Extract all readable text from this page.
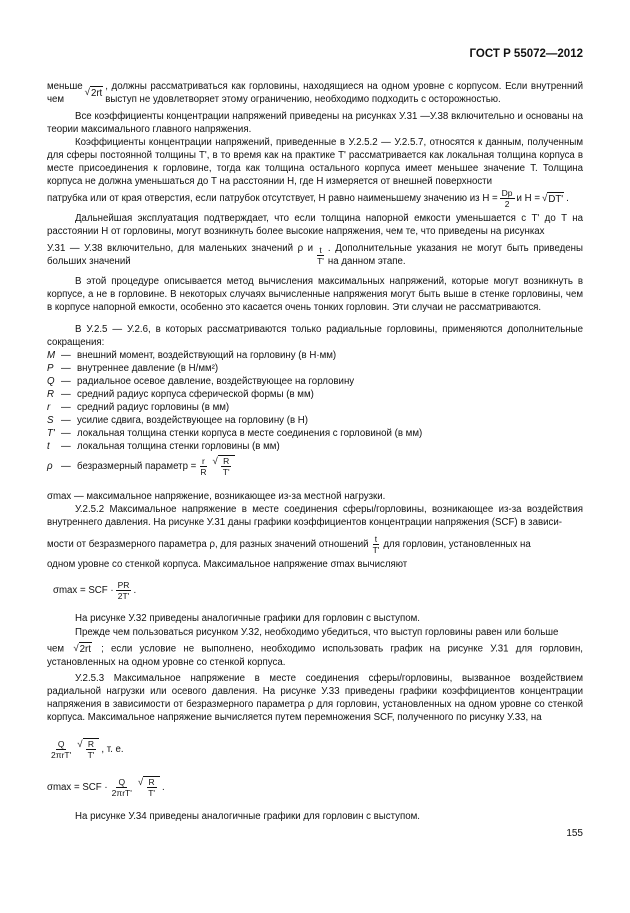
ГОСТ Р 55072—2012

меньше чем
√ 2rt
, должны рассматриваться как горловины, находящиеся на одном уровне с корпусом. Если внутренний выступ не удовлетворяет этому ограничению, необходимо подходить с осторожностью.

Все коэффициенты концентрации напряжений приведены на рисунках У.31 —У.38 включительно и основаны на теории максимального главного напряжения.

Коэффициенты концентрации напряжений, приведенные в У.2.5.2 — У.2.5.7, относятся к данным, полученным для сферы постоянной толщины T', в то время как на практике T' рассматривается как локальная толщина корпуса в месте присоединения к горловине, тогда как толщина остального корпуса имеет меньшее значение T. Толщина корпуса не должна уменьшаться до T на расстоянии H, где H измеряется от внешней поверхности

патрубка или от края отверстия, если патрубок отсутствует, H равно наименьшему значению из $H = \frac{Dp}{2}$ и H = √ DT' .

Дальнейшая эксплуатация подтверждает, что если толщина напорной емкости уменьшается с T' до T на расстоянии H от горловины, могут возникнуть более высокие напряжения, чем те, что приведены на рисунках

У.31 — У.38 включительно, для маленьких значений ρ и больших значений	$\frac{t}{T'}$ . Дополнительные указания не могут быть приведены на данном этапе.

В этой процедуре описывается метод вычисления максимальных напряжений, которые могут возникнуть в корпусе, а не в горловине. В некоторых случаях вычисленные напряжения могут быть выше в стенке горловины, чем в корпусе напорной емкости, особенно это касается очень тонких горловин. Эти случаи не рассматриваются.

В У.2.5 — У.2.6, в которых рассматриваются только радиальные горловины, применяются дополнительные сокращения:

M — внешний момент, воздействующий на горловину (в Н·мм)
P — внутреннее давление (в Н/мм²)
Q — радиальное осевое давление, воздействующее на горловину
R — средний радиус корпуса сферической формы (в мм)
r	— средний радиус горловины (в мм)
S — усилие сдвига, воздействующее на горловину (в Н)
T' — локальная толщина стенки корпуса в месте соединения с горловиной (в мм)
t	— локальная толщина стенки горловины (в мм)

ρ — безразмерный параметр = $\frac{r}{R}$ √ $\frac{R}{T'}$

σmax — максимальное напряжение, возникающее из-за местной нагрузки.

У.2.5.2 Максимальное напряжение в месте соединения сферы/горловины, возникающее из-за воздействия внутреннего давления. На рисунке У.31 даны графики коэффициентов концентрации напряжения (SCF) в зависи-

мости от безразмерного параметра ρ, для разных значений отношений $\frac{t}{T'}$ для горловин, установленных на

одном уровне со стенкой корпуса. Максимальное напряжение σmax вычисляют

σmax = SCF · $\frac{PR}{2T'}$ .

На рисунке У.32 приведены аналогичные графики для горловин с выступом.

Прежде чем пользоваться рисунком У.32, необходимо убедиться, что выступ горловины равен или больше

чем √ 2rt ; если условие не выполнено, необходимо использовать график на рисунке У.31 для горловин, установленных на одном уровне со стенкой корпуса.

У.2.5.3 Максимальное напряжение в месте соединения сферы/горловины, вызванное воздействием радиальной нагрузки или осевого давления. На рисунке У.33 приведены графики коэффициентов концентрации напряжения в зависимости от безразмерного параметра ρ для горловин, установленных на одном уровне со стенкой корпуса. Максимальное напряжение вычисляется путем перемножения SCF, полученного по рисунку У.33, на

Q
2πrT'
√ $\frac{R}{T'}$ , т. е.

σmax = SCF · Q
2πrT'
√ $\frac{R}{T'}$ .

На рисунке У.34 приведены аналогичные графики для горловин с выступом.

155
